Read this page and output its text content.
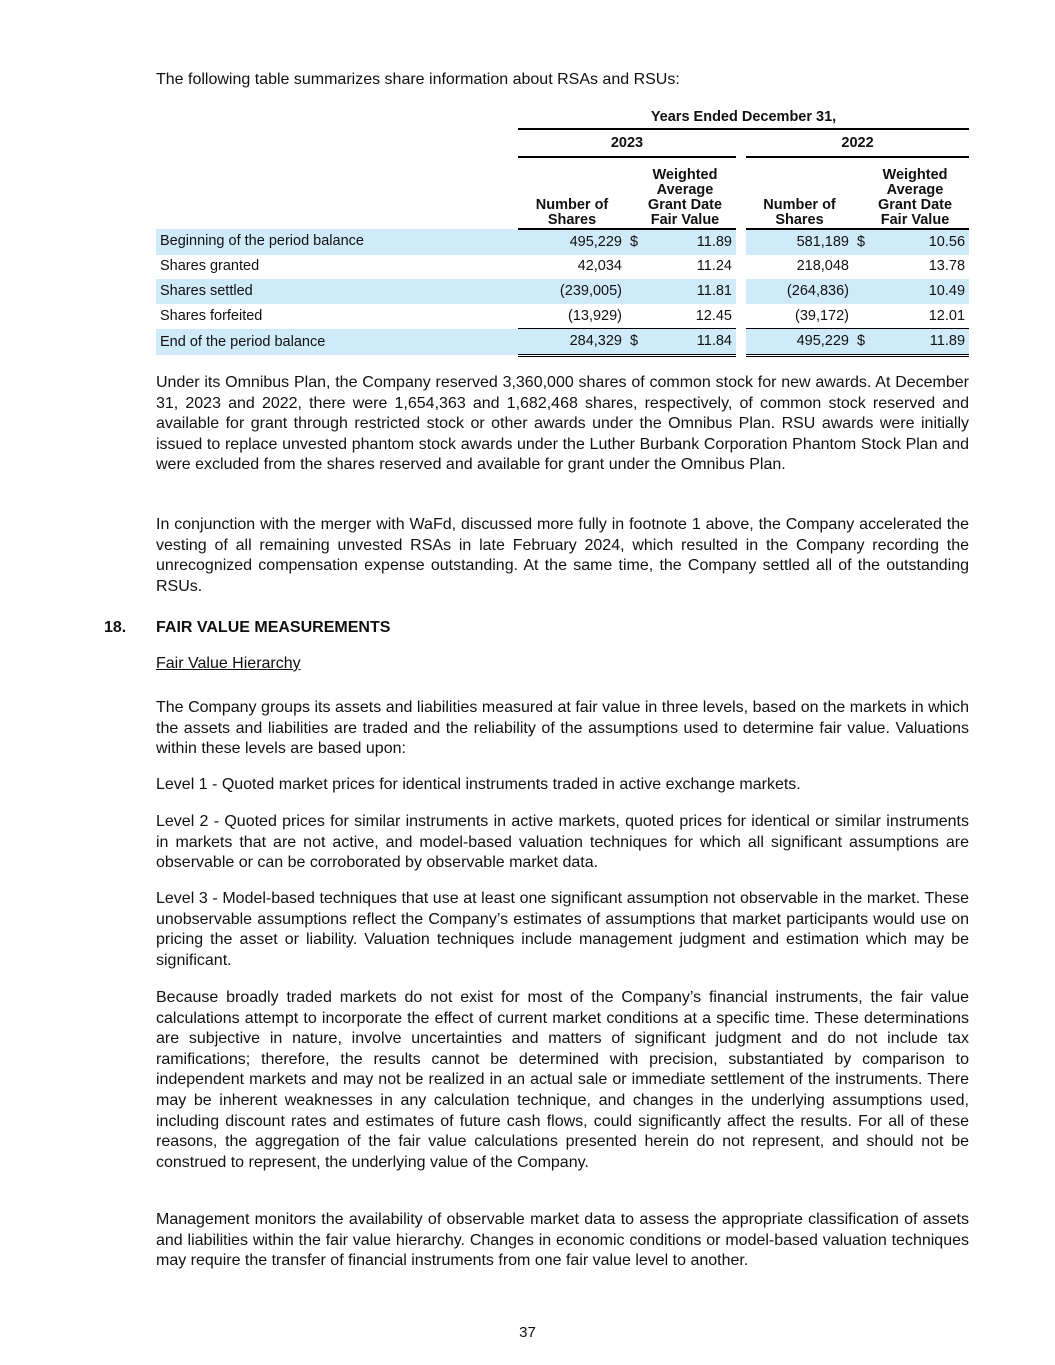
The following table summarizes share information about RSAs and RSUs:

	Years Ended December 31,						
	2023				2022		
	Number of Shares	Weighted Average Grant Date Fair Value			Number of Shares	Weighted Average Grant Date Fair Value	
Beginning of the period balance	495,229	$	11.89		581,189	$	10.56
Shares granted	42,034		11.24		218,048		13.78
Shares settled	(239,005)		11.81		(264,836)		10.49
Shares forfeited	(13,929)		12.45		(39,172)		12.01
End of the period balance	284,329	$	11.84		495,229	$	11.89

Under its Omnibus Plan, the Company reserved 3,360,000 shares of common stock for new awards. At December 31, 2023 and 2022, there were 1,654,363 and 1,682,468 shares, respectively, of common stock reserved and available for grant through restricted stock or other awards under the Omnibus Plan. RSU awards were initially issued to replace unvested phantom stock awards under the Luther Burbank Corporation Phantom Stock Plan and were excluded from the shares reserved and available for grant under the Omnibus Plan.

In conjunction with the merger with WaFd, discussed more fully in footnote 1 above, the Company accelerated the vesting of all remaining unvested RSAs in late February 2024, which resulted in the Company recording the unrecognized compensation expense outstanding. At the same time, the Company settled all of the outstanding RSUs.

18. FAIR VALUE MEASUREMENTS
Fair Value Hierarchy

The Company groups its assets and liabilities measured at fair value in three levels, based on the markets in which the assets and liabilities are traded and the reliability of the assumptions used to determine fair value. Valuations within these levels are based upon:

Level 1 - Quoted market prices for identical instruments traded in active exchange markets.

Level 2 - Quoted prices for similar instruments in active markets, quoted prices for identical or similar instruments in markets that are not active, and model-based valuation techniques for which all significant assumptions are observable or can be corroborated by observable market data.

Level 3 - Model-based techniques that use at least one significant assumption not observable in the market. These unobservable assumptions reflect the Company’s estimates of assumptions that market participants would use on pricing the asset or liability. Valuation techniques include management judgment and estimation which may be significant.

Because broadly traded markets do not exist for most of the Company’s financial instruments, the fair value calculations attempt to incorporate the effect of current market conditions at a specific time. These determinations are subjective in nature, involve uncertainties and matters of significant judgment and do not include tax ramifications; therefore, the results cannot be determined with precision, substantiated by comparison to independent markets and may not be realized in an actual sale or immediate settlement of the instruments. There may be inherent weaknesses in any calculation technique, and changes in the underlying assumptions used, including discount rates and estimates of future cash flows, could significantly affect the results. For all of these reasons, the aggregation of the fair value calculations presented herein do not represent, and should not be construed to represent, the underlying value of the Company.

Management monitors the availability of observable market data to assess the appropriate classification of assets and liabilities within the fair value hierarchy. Changes in economic conditions or model-based valuation techniques may require the transfer of financial instruments from one fair value level to another.

37
